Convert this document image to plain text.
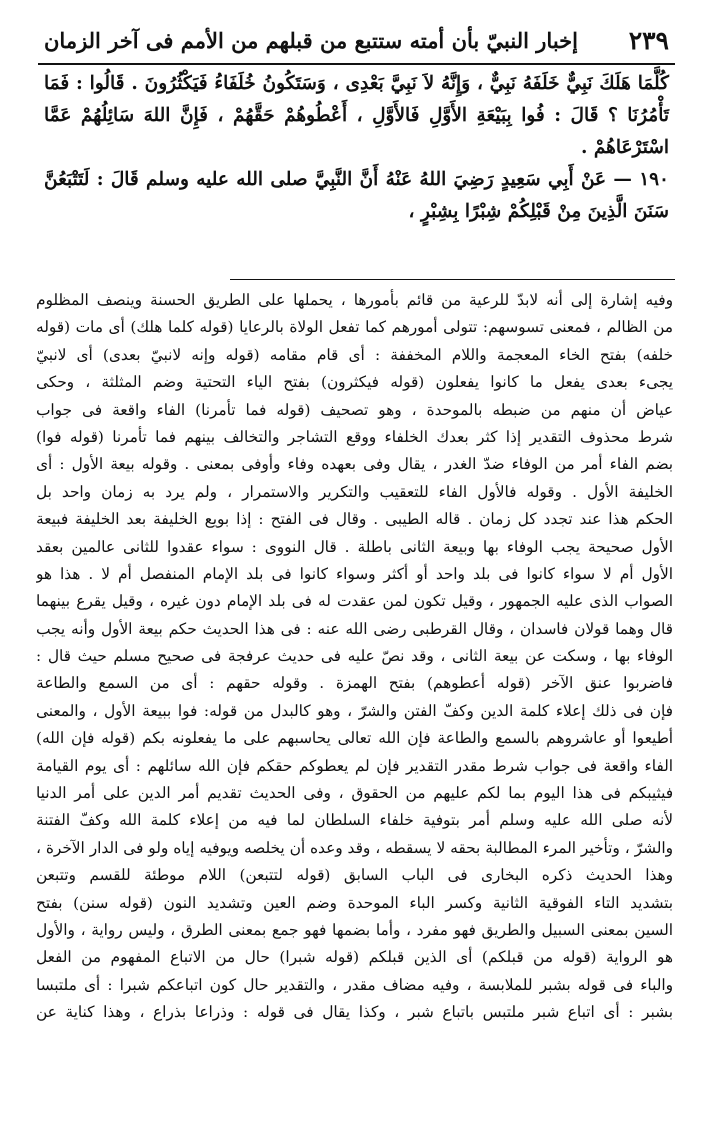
٢٣٩
إخبار النبيّ بأن أمته ستتبع من قبلهم من الأمم فى آخر الزمان

كُلَّمَا هَلَكَ نَبِيٌّ خَلَفَهُ نَبِيٌّ ، وَإِنَّهُ لاَ نَبِيَّ بَعْدِى ، وَسَتَكُونُ خُلَفَاءُ فَيَكْثُرُونَ . قَالُوا : فَمَا تَأْمُرُنَا ؟ قَالَ : فُوا بِبَيْعَةِ الأَوَّلِ فَالأَوَّلِ ، أَعْطُوهُمْ حَقَّهُمْ ، فَإِنَّ اللهَ سَائِلُهُمْ عَمَّا اسْتَرْعَاهُمْ .

١٩٠ — عَنْ أَبِي سَعِيدٍ رَضِيَ اللهُ عَنْهُ أَنَّ النَّبِيَّ صلى الله عليه وسلم قَالَ : لَتَتْبَعُنَّ سَنَنَ الَّذِينَ مِنْ قَبْلِكُمْ شِبْرًا بِشِبْرٍ ،

وفيه إشارة إلى أنه لابدّ للرعية من قائم بأمورها ، يحملها على الطريق الحسنة وينصف المظلوم
من الظالم ، فمعنى تسوسهم: تتولى أمورهم كما تفعل الولاة بالرعايا (قوله كلما هلك) أى مات (قوله
خلفه) بفتح الخاء المعجمة واللام المخففة : أى قام مقامه (قوله وإنه لانبيّ بعدى) أى لانبيّ
يجىء بعدى يفعل ما كانوا يفعلون (قوله فيكثرون) بفتح الياء التحتية وضم المثلثة ، وحكى
عياض أن منهم من ضبطه بالموحدة ، وهو تصحيف (قوله فما تأمرنا) الفاء واقعة فى جواب
شرط محذوف التقدير إذا كثر بعدك الخلفاء ووقع التشاجر والتخالف بينهم فما تأمرنا (قوله فوا)
بضم الفاء أمر من الوفاء ضدّ الغدر ، يقال وفى بعهده وفاء وأوفى بمعنى . وقوله بيعة الأول : أى
الخليفة الأول . وقوله فالأول الفاء للتعقيب والتكرير والاستمرار ، ولم يرد به زمان واحد بل
الحكم هذا عند تجدد كل زمان . قاله الطيبى . وقال فى الفتح : إذا بويع الخليفة بعد الخليفة فبيعة
الأول صحيحة يجب الوفاء بها وبيعة الثانى باطلة . قال النووى : سواء عقدوا للثانى عالمين بعقد
الأول أم لا سواء كانوا فى بلد واحد أو أكثر وسواء كانوا فى بلد الإمام المنفصل أم لا . هذا هو
الصواب الذى عليه الجمهور ، وقيل تكون لمن عقدت له فى بلد الإمام دون غيره ، وقيل يقرع بينهما
قال وهما قولان فاسدان ، وقال القرطبى رضى الله عنه : فى هذا الحديث حكم بيعة الأول وأنه يجب
الوفاء بها ، وسكت عن بيعة الثانى ، وقد نصّ عليه فى حديث عرفجة فى صحيح مسلم حيث قال :
فاضربوا عنق الآخر (قوله أعطوهم) بفتح الهمزة . وقوله حقهم : أى من السمع والطاعة
فإن فى ذلك إعلاء كلمة الدين وكفّ الفتن والشرّ ، وهو كالبدل من قوله: فوا ببيعة الأول ، والمعنى
أطيعوا أو عاشروهم بالسمع والطاعة فإن الله تعالى يحاسبهم على ما يفعلونه بكم (قوله فإن الله)
الفاء واقعة فى جواب شرط مقدر التقدير فإن لم يعطوكم حقكم فإن الله سائلهم : أى يوم القيامة
فيثيبكم فى هذا اليوم بما لكم عليهم من الحقوق ، وفى الحديث تقديم أمر الدين على أمر الدنيا
لأنه صلى الله عليه وسلم أمر بتوفية خلفاء السلطان لما فيه من إعلاء كلمة الله وكفّ الفتنة
والشرّ ، وتأخير المرء المطالبة بحقه لا يسقطه ، وقد وعده أن يخلصه ويوفيه إياه ولو فى الدار الآخرة ،
وهذا الحديث ذكره البخارى فى الباب السابق (قوله لتتبعن) اللام موطئة للقسم وتتبعن
بتشديد التاء الفوقية الثانية وكسر الباء الموحدة وضم العين وتشديد النون (قوله سنن) بفتح
السين بمعنى السبيل والطريق فهو مفرد ، وأما بضمها فهو جمع بمعنى الطرق ، وليس رواية ، والأول
هو الرواية (قوله من قبلكم) أى الذين قبلكم (قوله شبرا) حال من الاتباع المفهوم من الفعل
والباء فى قوله بشبر للملابسة ، وفيه مضاف مقدر ، والتقدير حال كون اتباعكم شبرا : أى ملتبسا
بشبر : أى اتباع شبر ملتبس باتباع شبر ، وكذا يقال فى قوله : وذراعا بذراع ، وهذا كناية عن
